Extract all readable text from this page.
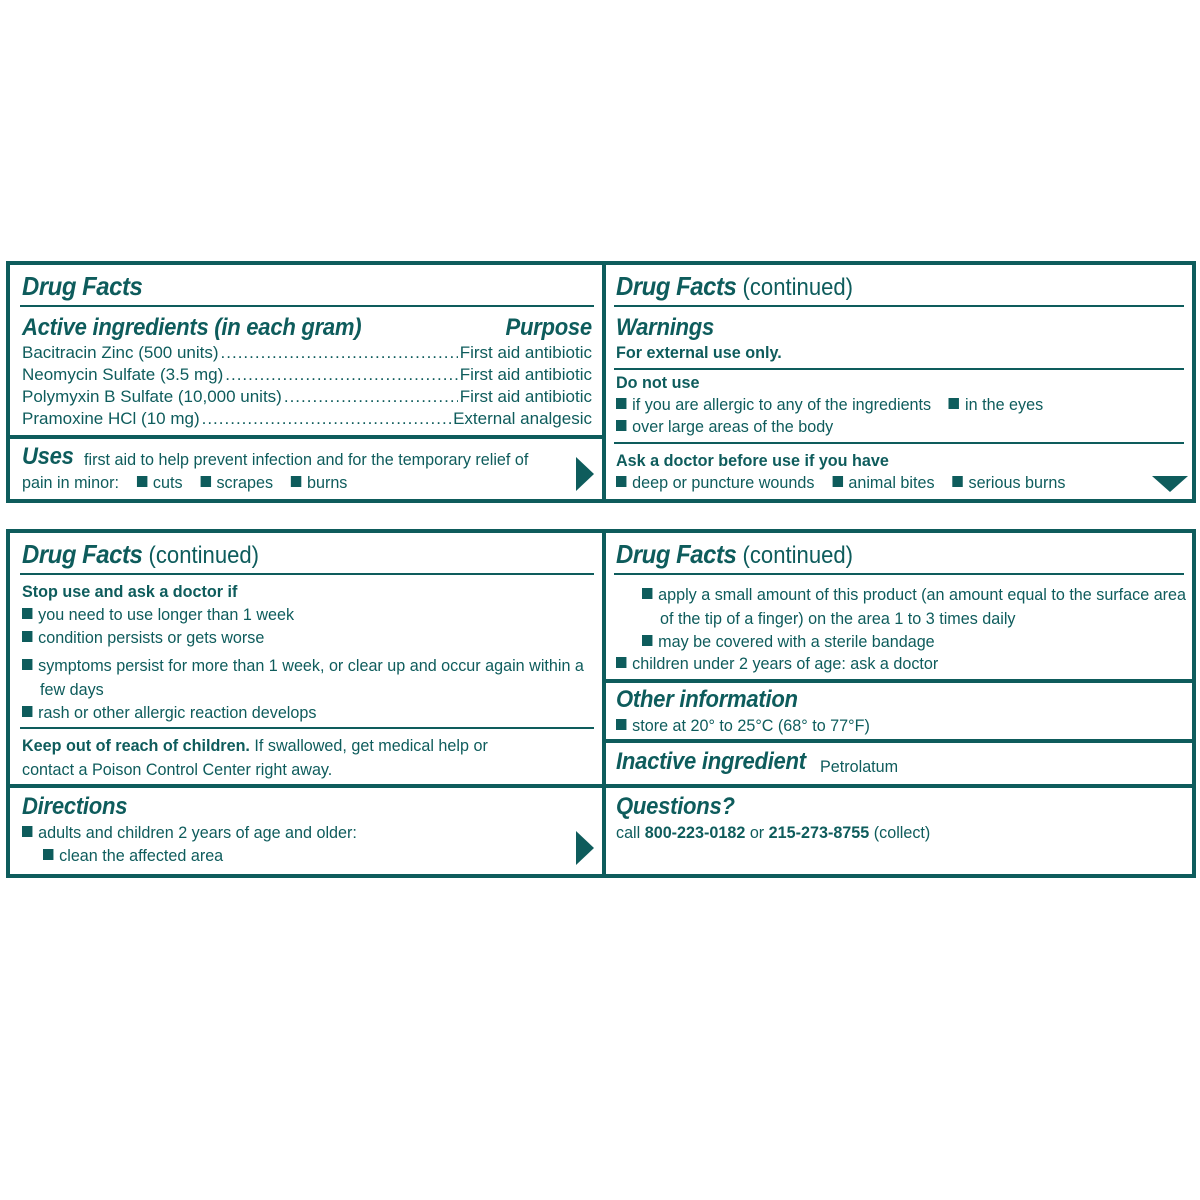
Drug Facts
Active ingredients (in each gram)	Purpose
Bacitracin Zinc (500 units) .....	First aid antibiotic
Neomycin Sulfate (3.5 mg) .....	First aid antibiotic
Polymyxin B Sulfate (10,000 units) .....	First aid antibiotic
Pramoxine HCl (10 mg) .....	External analgesic
Uses first aid to help prevent infection and for the temporary relief of
pain in minor: cuts scrapes burns
Drug Facts (continued)
Warnings
For external use only.
Do not use
if you are allergic to any of the ingredients in the eyes
over large areas of the body
Ask a doctor before use if you have
deep or puncture wounds animal bites serious burns
Drug Facts (continued)
Stop use and ask a doctor if
you need to use longer than 1 week
condition persists or gets worse
symptoms persist for more than 1 week, or clear up and occur again within a
few days
rash or other allergic reaction develops
Keep out of reach of children. If swallowed, get medical help or
contact a Poison Control Center right away.
Directions
adults and children 2 years of age and older:
clean the affected area
Drug Facts (continued)
apply a small amount of this product (an amount equal to the surface area
of the tip of a finger) on the area 1 to 3 times daily
may be covered with a sterile bandage
children under 2 years of age: ask a doctor
Other information
store at 20° to 25°C (68° to 77°F)
Inactive ingredient Petrolatum
Questions?
call 800-223-0182 or 215-273-8755 (collect)
